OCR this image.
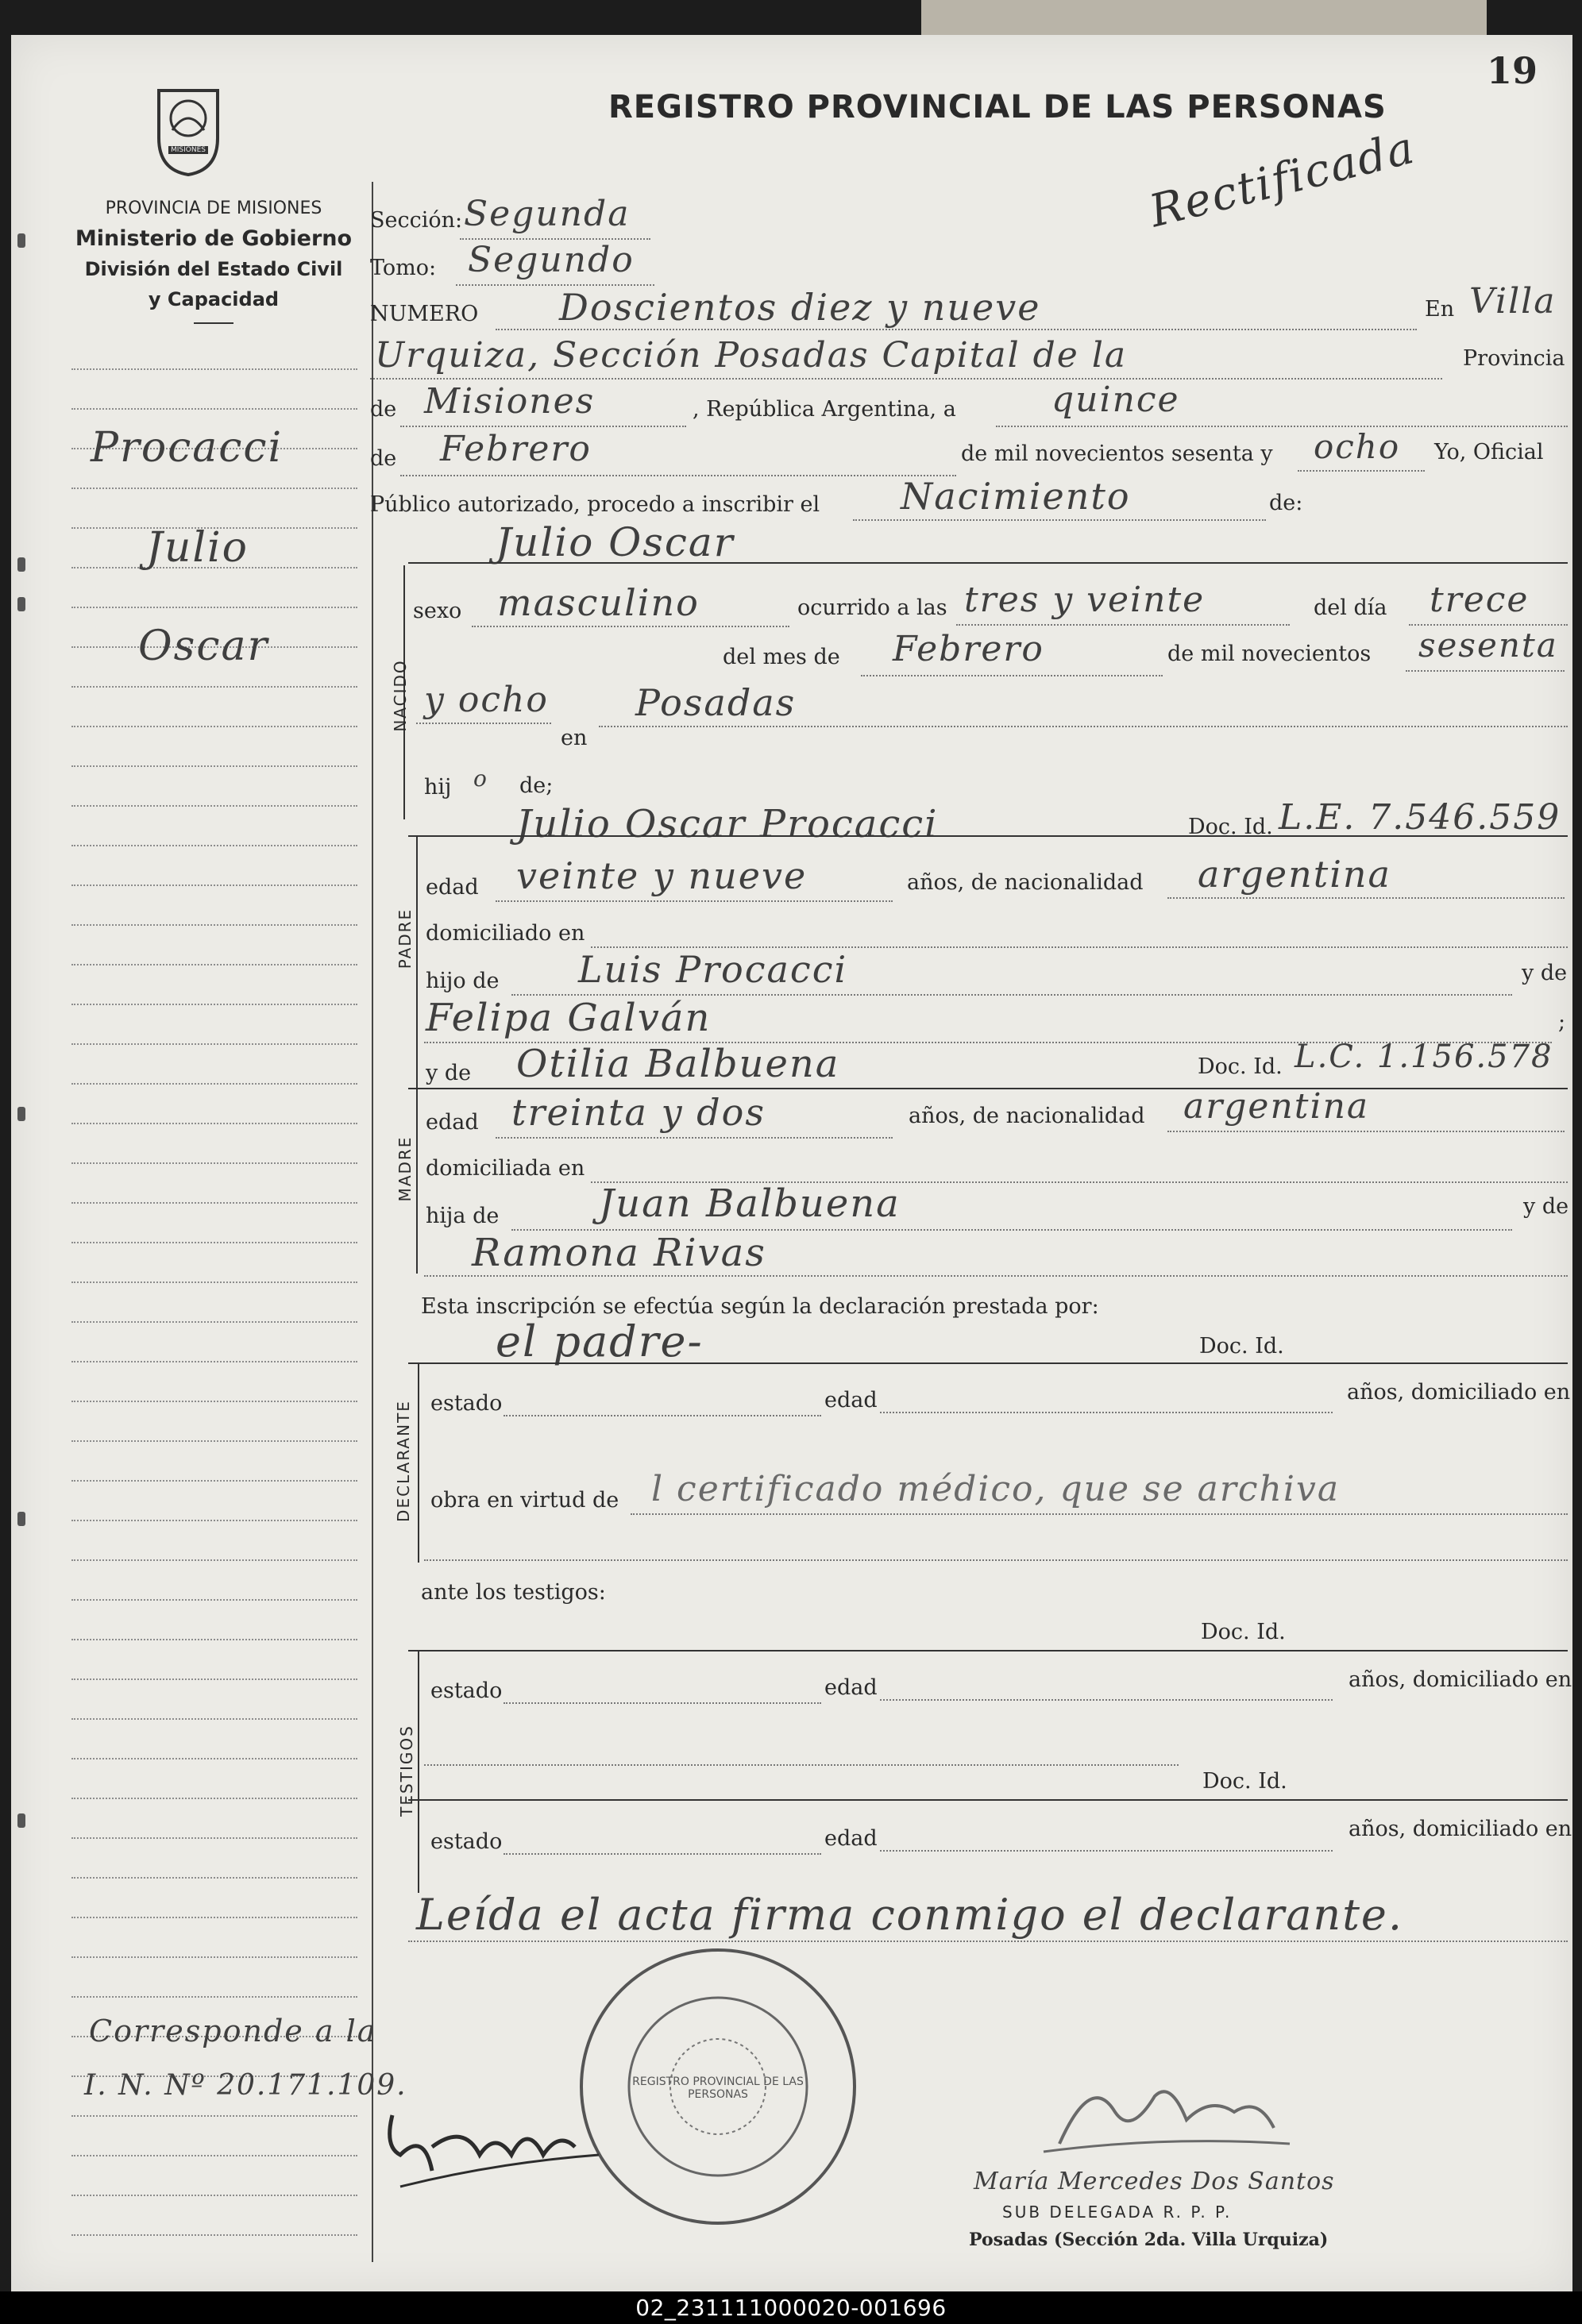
MISIONES
PROVINCIA DE MISIONES
Ministerio de Gobierno
División del Estado Civil
y Capacidad
Procacci
Julio
Oscar
Corresponde a la
I. N. Nº 20.171.109.
REGISTRO PROVINCIAL DE LAS PERSONAS
19
Rectificada
Sección: Segunda
Tomo: Segundo
NUMERO Doscientos diez y nueve	En Villa
Urquiza, Sección Posadas Capital de la	Provincia
de Misiones	, República Argentina, a	quince
de Febrero	de mil novecientos sesenta y ocho Yo, Oficial
Público autorizado, procedo a inscribir el Nacimiento	de:
Julio Oscar
NACIDO
sexo masculino	ocurrido a las tres y veinte	del día trece
del mes de Febrero	de mil novecientos sesenta
y ocho
en
Posadas
hij o de;
Julio Oscar Procacci	Doc. Id. L.E. 7.546.559
PADRE
edad veinte y nueve	años, de nacionalidad argentina
domiciliado en
hijo de Luis Procacci	y de
Felipa Galván	;
y de Otilia Balbuena	Doc. Id. L.C. 1.156.578
MADRE
edad treinta y dos	años, de nacionalidad argentina
domiciliada en
hija de	Juan Balbuena	y de
Ramona Rivas
Esta inscripción se efectúa según la declaración prestada por:
el padre-	Doc. Id.
DECLARANTE estado	edad	años, domiciliado en
obra en virtud de l certificado médico, que se archiva
ante los testigos:
Doc. Id.
TESTIGOS
estado	edad	años, domiciliado en
Doc. Id.
estado	edad	años, domiciliado en
Leída el acta firma conmigo el declarante.
REGISTRO PROVINCIAL DE LAS PERSONAS
María Mercedes Dos Santos
SUB DELEGADA R. P. P.
Posadas (Sección 2da. Villa Urquiza)
02_231111000020-001696
